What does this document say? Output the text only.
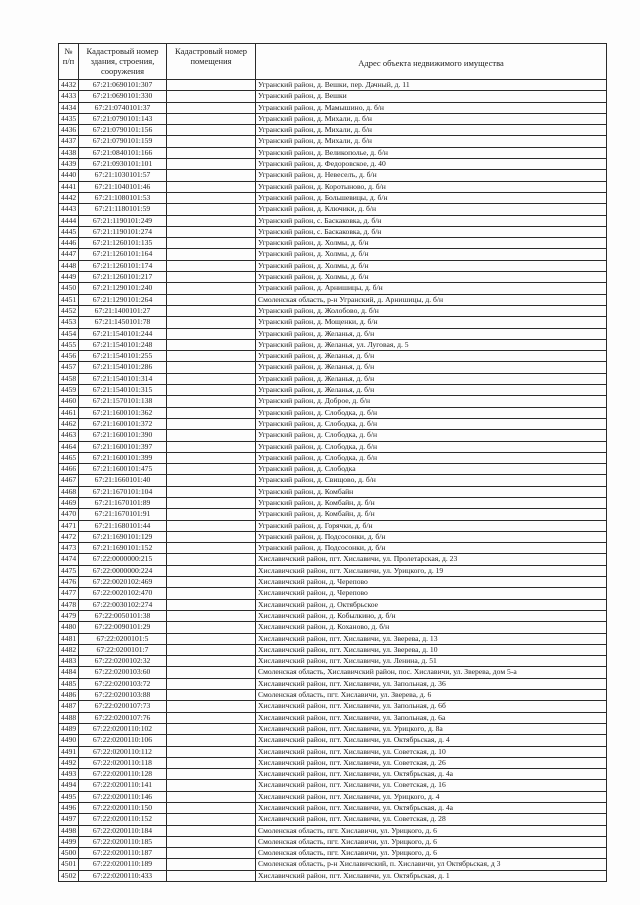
№ п/п	Кадастровый номер здания, строения, сооружения	Кадастровый номер помещения	Адрес объекта недвижимого имущества
4432	67:21:0690101:307		Угранский район, д. Вешки, пер. Дачный, д. 11
4433	67:21:0690101:330		Угранский район, д. Вешки
4434	67:21:0740101:37		Угранский район, д. Мамышино, д. б/н
4435	67:21:0790101:143		Угранский район, д. Михали, д. б/н
4436	67:21:0790101:156		Угранский район, д. Михали, д. б/н
4437	67:21:0790101:159		Угранский район, д. Михали, д. б/н
4438	67:21:0840101:166		Угранский район, д. Великополье, д. б/н
4439	67:21:0930101:101		Угранский район, д. Федоровское, д. 40
4440	67:21:1030101:57		Угранский район, д. Невеселъ, д. б/н
4441	67:21:1040101:46		Угранский район, д. Коротыново, д. б/н
4442	67:21:1080101:53		Угранский район, д. Большевицы, д. б/н
4443	67:21:1180101:59		Угранский район, д. Ключики, д. б/н
4444	67:21:1190101:249		Угранский район, с. Баскаковка, д. б/н
4445	67:21:1190101:274		Угранский район, с. Баскаковка, д. б/н
4446	67:21:1260101:135		Угранский район, д. Холмы, д. б/н
4447	67:21:1260101:164		Угранский район, д. Холмы, д. б/н
4448	67:21:1260101:174		Угранский район, д. Холмы, д. б/н
4449	67:21:1260101:217		Угранский район, д. Холмы, д. б/н
4450	67:21:1290101:240		Угранский район, д. Арнишицы, д. б/н
4451	67:21:1290101:264		Смоленская область, р-н Угранский, д. Арнишицы, д. б/н
4452	67:21:1400101:27		Угранский район, д. Жолобово, д. б/н
4453	67:21:1450101:78		Угранский район, д. Мощенки, д. б/н
4454	67:21:1540101:244		Угранский район, д. Желанья, д. б/н
4455	67:21:1540101:248		Угранский район, д. Желанья, ул. Луговая, д. 5
4456	67:21:1540101:255		Угранский район, д. Желанья, д. б/н
4457	67:21:1540101:286		Угранский район, д. Желанья, д. б/н
4458	67:21:1540101:314		Угранский район, д. Желанья, д. б/н
4459	67:21:1540101:315		Угранский район, д. Желанья, д. б/н
4460	67:21:1570101:138		Угранский район, д. Доброе, д. б/н
4461	67:21:1600101:362		Угранский район, д. Слободка, д. б/н
4462	67:21:1600101:372		Угранский район, д. Слободка, д. б/н
4463	67:21:1600101:390		Угранский район, д. Слободка, д. б/н
4464	67:21:1600101:397		Угранский район, д. Слободка, д. б/н
4465	67:21:1600101:399		Угранский район, д. Слободка, д. б/н
4466	67:21:1600101:475		Угранский район, д. Слободка
4467	67:21:1660101:40		Угранский район, д. Свищово, д. б/н
4468	67:21:1670101:104		Угранский район, д. Комбайн
4469	67:21:1670101:89		Угранский район, д. Комбайн, д. б/н
4470	67:21:1670101:91		Угранский район, д. Комбайн, д. б/н
4471	67:21:1680101:44		Угранский район, д. Горячки, д. б/н
4472	67:21:1690101:129		Угранский район, д. Подсосонки, д. б/н
4473	67:21:1690101:152		Угранский район, д. Подсосонки, д. б/н
4474	67:22:0000000:215		Хиславичский район, пгт. Хиславичи, ул. Пролетарская, д. 23
4475	67:22:0000000:224		Хиславичский район, пгт. Хиславичи, ул. Урицкого, д. 19
4476	67:22:0020102:469		Хиславичский район, д. Черепово
4477	67:22:0020102:470		Хиславичский район, д. Черепово
4478	67:22:0030102:274		Хиславичский район, д. Октябрьское
4479	67:22:0050101:38		Хиславичский район, д. Кобылкино, д. б/н
4480	67:22:0090101:29		Хиславичский район, д. Коханово, д. б/н
4481	67:22:0200101:5		Хиславичский район, пгт. Хиславичи, ул. Зверева, д. 13
4482	67:22:0200101:7		Хиславичский район, пгт. Хиславичи, ул. Зверева, д. 10
4483	67:22:0200102:32		Хиславичский район, пгт. Хиславичи, ул. Ленина, д. 51
4484	67:22:0200103:60		Смоленская область, Хиславичский район, пос. Хиславичи, ул. Зверева, дом 5-а
4485	67:22:0200103:72		Хиславичский район, пгт. Хиславичи, ул. Запольная, д. 36
4486	67:22:0200103:88		Смоленская область, пгт. Хиславичи, ул. Зверева, д. 6
4487	67:22:0200107:73		Хиславичский район, пгт. Хиславичи, ул. Запольная, д. 6б
4488	67:22:0200107:76		Хиславичский район, пгт. Хиславичи, ул. Запольная, д. 6а
4489	67:22:0200110:102		Хиславичский район, пгт. Хиславичи, ул. Урицкого, д. 8а
4490	67:22:0200110:106		Хиславичский район, пгт. Хиславичи, ул. Октябрьская, д. 4
4491	67:22:0200110:112		Хиславичский район, пгт. Хиславичи, ул. Советская, д. 10
4492	67:22:0200110:118		Хиславичский район, пгт. Хиславичи, ул. Советская, д. 26
4493	67:22:0200110:128		Хиславичский район, пгт. Хиславичи, ул. Октябрьская, д. 4а
4494	67:22:0200110:141		Хиславичский район, пгт. Хиславичи, ул. Советская, д. 16
4495	67:22:0200110:146		Хиславичский район, пгт. Хиславичи, ул. Урицкого, д. 4
4496	67:22:0200110:150		Хиславичский район, пгт. Хиславичи, ул. Октябрьская, д. 4а
4497	67:22:0200110:152		Хиславичский район, пгт. Хиславичи, ул. Советская, д. 28
4498	67:22:0200110:184		Смоленская область, пгт. Хиславичи, ул. Урицкого, д. 6
4499	67:22:0200110:185		Смоленская область, пгт. Хиславичи, ул. Урицкого, д. 6
4500	67:22:0200110:187		Смоленская область, пгт. Хиславичи, ул. Урицкого, д. 6
4501	67:22:0200110:189		Смоленская область, р-н Хиславичский, п. Хиславичи, ул Октябрьская, д 3
4502	67:22:0200110:433		Хиславичский район, пгт. Хиславичи, ул. Октябрьская, д. 1
